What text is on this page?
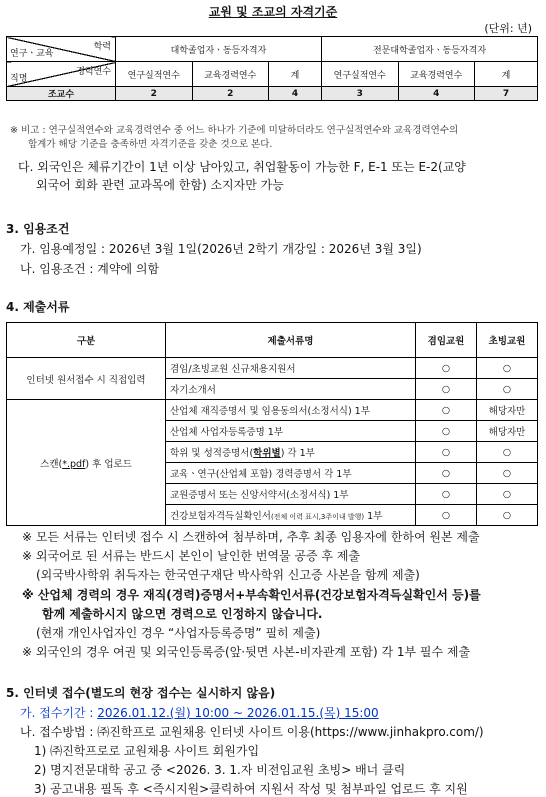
교원 및 조교의 자격기준
(단위: 년)
학력
연구ㆍ교육	대학졸업자ㆍ동등자격자			전문대학졸업자ㆍ동등자격자		

경력연수
직명	연구실적연수	교육경력연수	계	연구실적연수	교육경력연수	계
조교수	2	2	4	3	4	7
※ 비고 : 연구실적연수와 교육경력연수 중 어느 하나가 기준에 미달하더라도 연구실적연수와 교육경력연수의
합계가 해당 기준을 충족하면 자격기준을 갖춘 것으로 본다.
다. 외국인은 체류기간이 1년 이상 남아있고, 취업활동이 가능한 F, E-1 또는 E-2(교양
외국어 회화 관련 교과목에 한함) 소지자만 가능
3. 임용조건
가. 임용예정일 : 2026년 3월 1일(2026년 2학기 개강일 : 2026년 3월 3일)
나. 임용조건 : 계약에 의함
4. 제출서류
구분	제출서류명	겸임교원	초빙교원
인터넷 원서접수 시 직접입력	겸임/초빙교원 신규채용지원서	○	○
	자기소개서	○	○
스캔(*.pdf) 후 업로드	산업체 재직증명서 및 임용동의서(소정서식) 1부	○	해당자만
	산업체 사업자등록증명 1부	○	해당자만
	학위 및 성적증명서(학위별) 각 1부	○	○
	교육ㆍ연구(산업체 포함) 경력증명서 각 1부	○	○
	교원증명서 또는 신앙서약서(소정서식) 1부	○	○
	건강보험자격득실확인서(전체 이력 표시,3주이내 발행) 1부	○	○
※ 모든 서류는 인터넷 접수 시 스캔하여 첨부하며, 추후 최종 임용자에 한하여 원본 제출
※ 외국어로 된 서류는 반드시 본인이 날인한 번역물 공증 후 제출
(외국박사학위 취득자는 한국연구재단 박사학위 신고증 사본을 함께 제출)
※ 산업체 경력의 경우 재직(경력)증명서+부속확인서류(건강보험자격득실확인서 등)를
함께 제출하시지 않으면 경력으로 인정하지 않습니다.
(현재 개인사업자인 경우 “사업자등록증명” 필히 제출)
※ 외국인의 경우 여권 및 외국인등록증(앞·뒷면 사본-비자관계 포함) 각 1부 필수 제출
5. 인터넷 접수(별도의 현장 접수는 실시하지 않음)
가. 접수기간 : 2026.01.12.(월) 10:00 ~ 2026.01.15.(목) 15:00
나. 접수방법 : ㈜진학프로 교원채용 인터넷 사이트 이용(https://www.jinhakpro.com/)
1) ㈜진학프로로 교원채용 사이트 회원가입
2) 명지전문대학 공고 중 <2026. 3. 1.자 비전임교원 초빙> 배너 클릭
3) 공고내용 필독 후 <즉시지원>클릭하여 지원서 작성 및 첨부파일 업로드 후 지원
